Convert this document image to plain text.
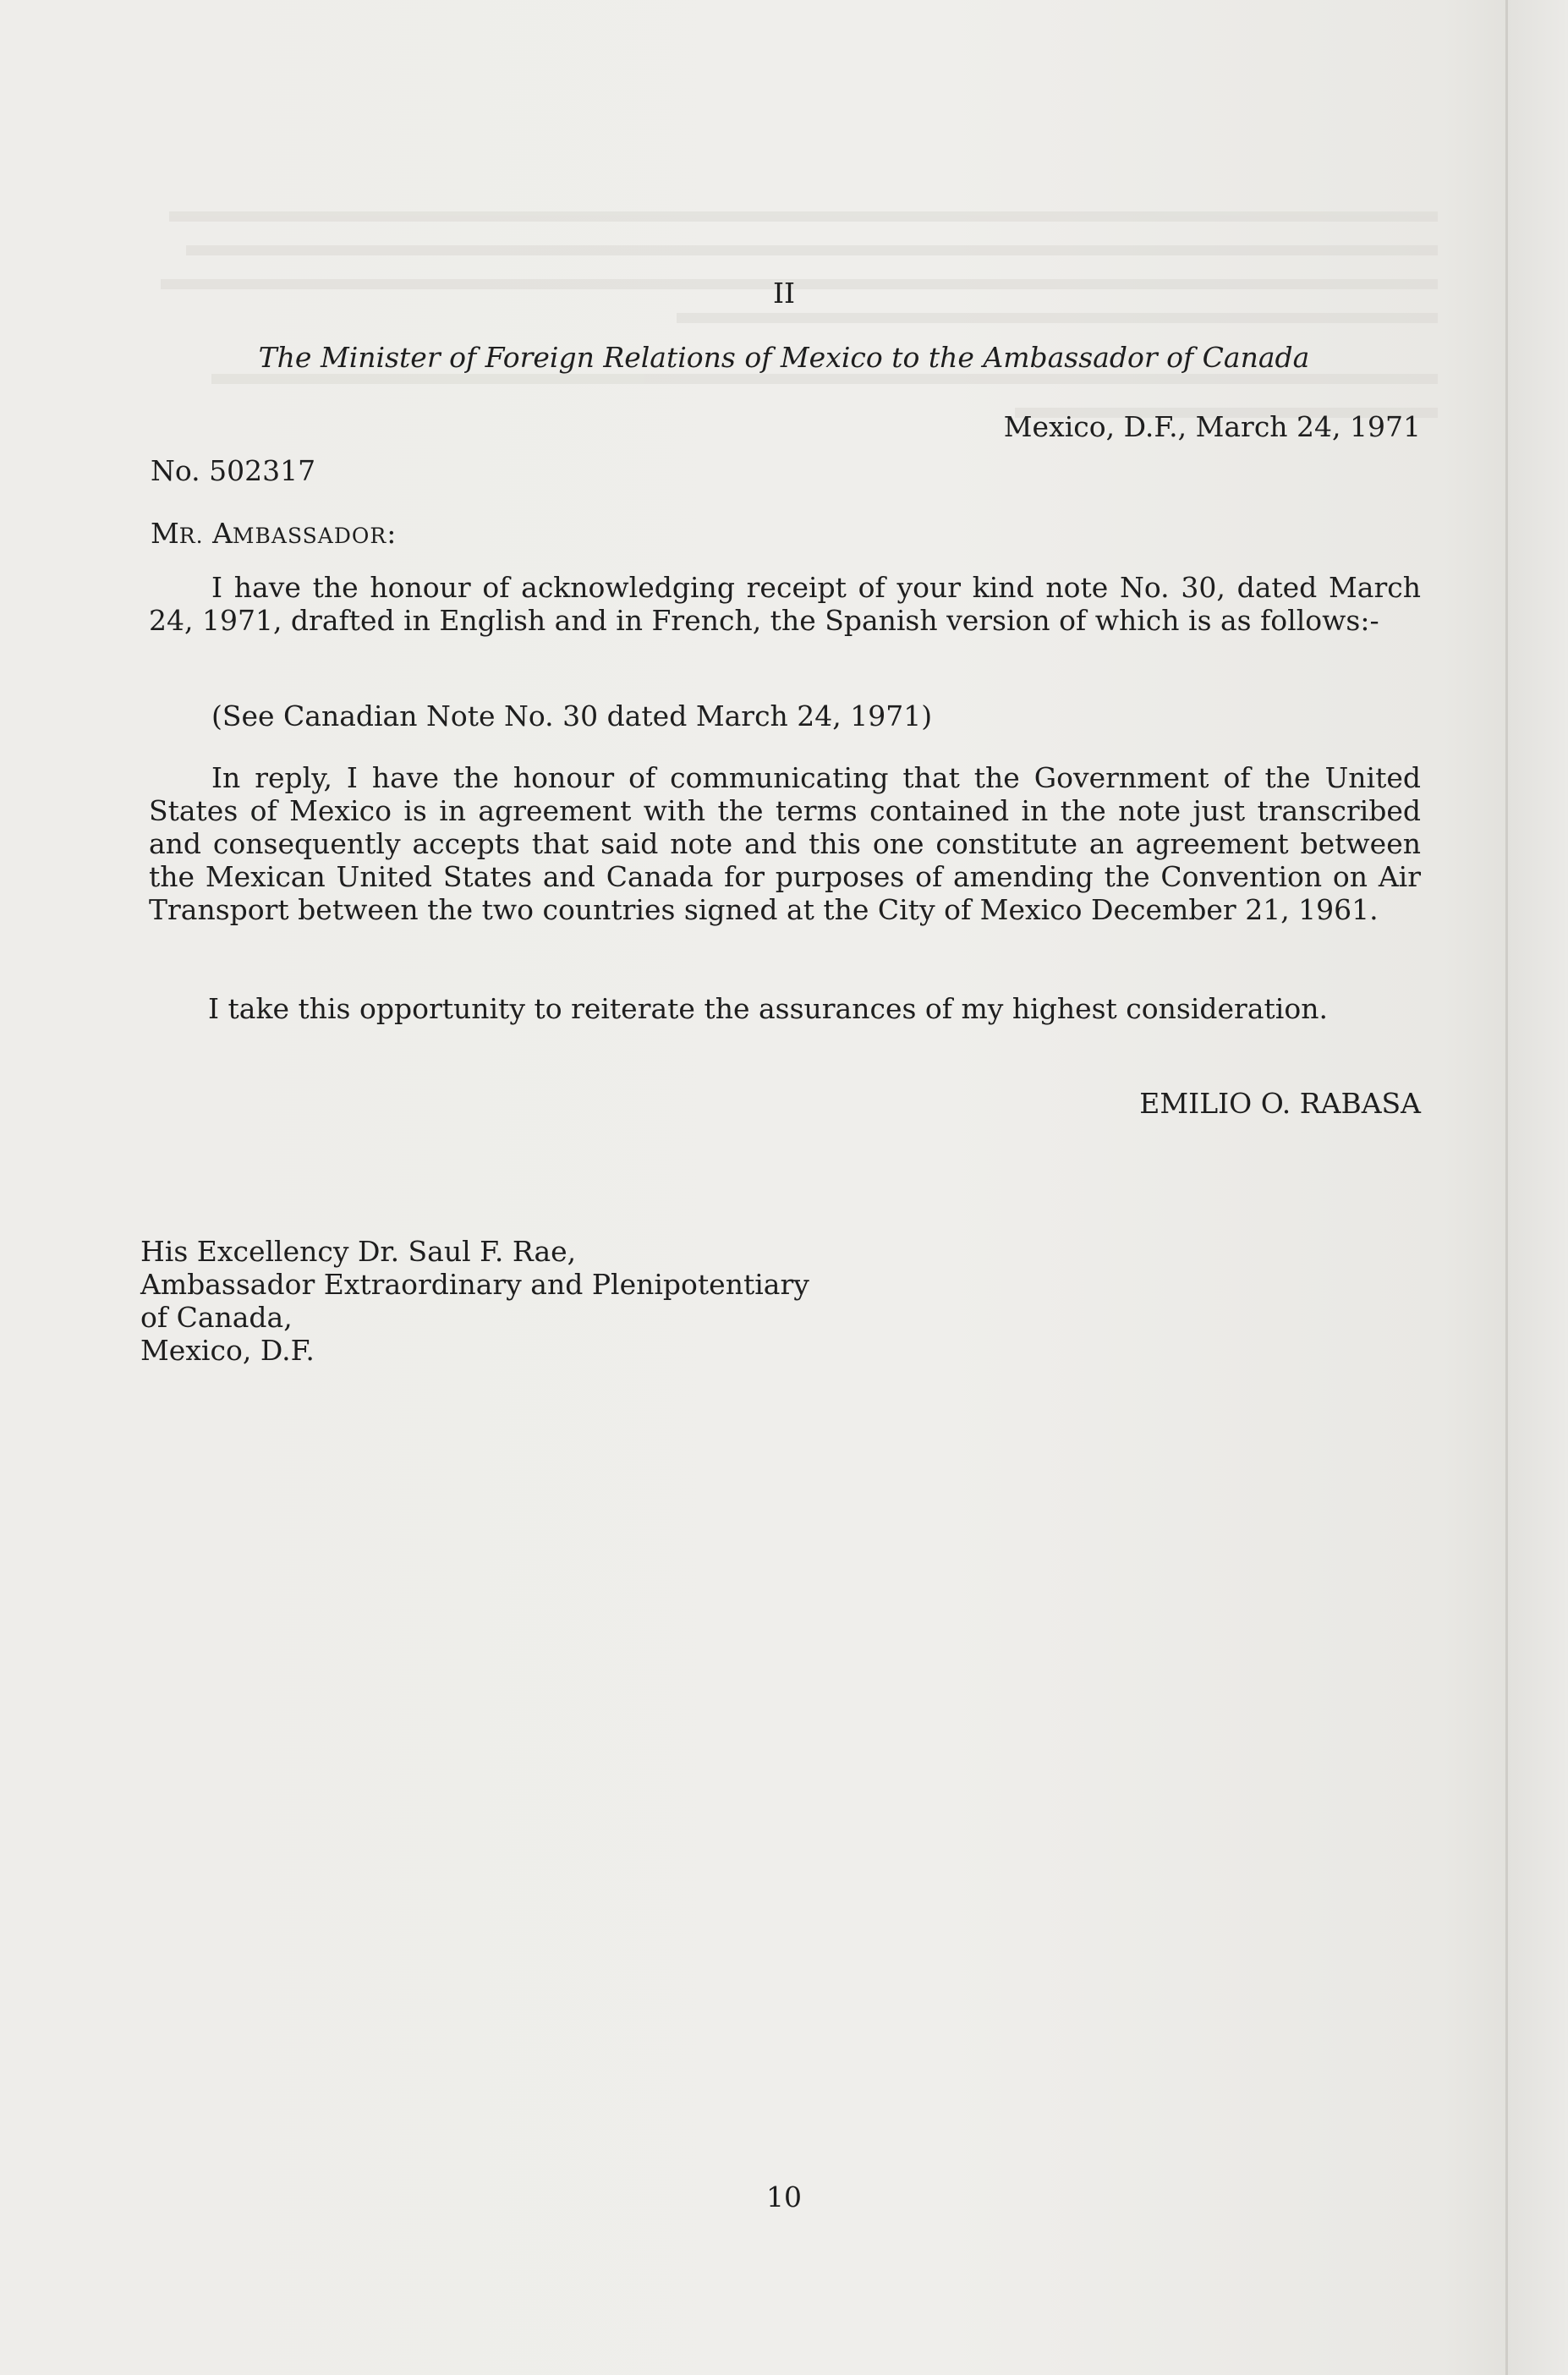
II
The Minister of Foreign Relations of Mexico to the Ambassador of Canada
Mexico, D.F., March 24, 1971
No. 502317
MR. AMBASSADOR:

I have the honour of acknowledging receipt of your kind note No. 30, dated March 24, 1971, drafted in English and in French, the Spanish version of which is as follows:-

(See Canadian Note No. 30 dated March 24, 1971)

In reply, I have the honour of communicating that the Government of the United States of Mexico is in agreement with the terms contained in the note just transcribed and consequently accepts that said note and this one constitute an agreement between the Mexican United States and Canada for purposes of amending the Convention on Air Transport between the two countries signed at the City of Mexico December 21, 1961.

I take this opportunity to reiterate the assurances of my highest consideration.

EMILIO O. RABASA
His Excellency Dr. Saul F. Rae,
Ambassador Extraordinary and Plenipotentiary
of Canada,
Mexico, D.F.
10
